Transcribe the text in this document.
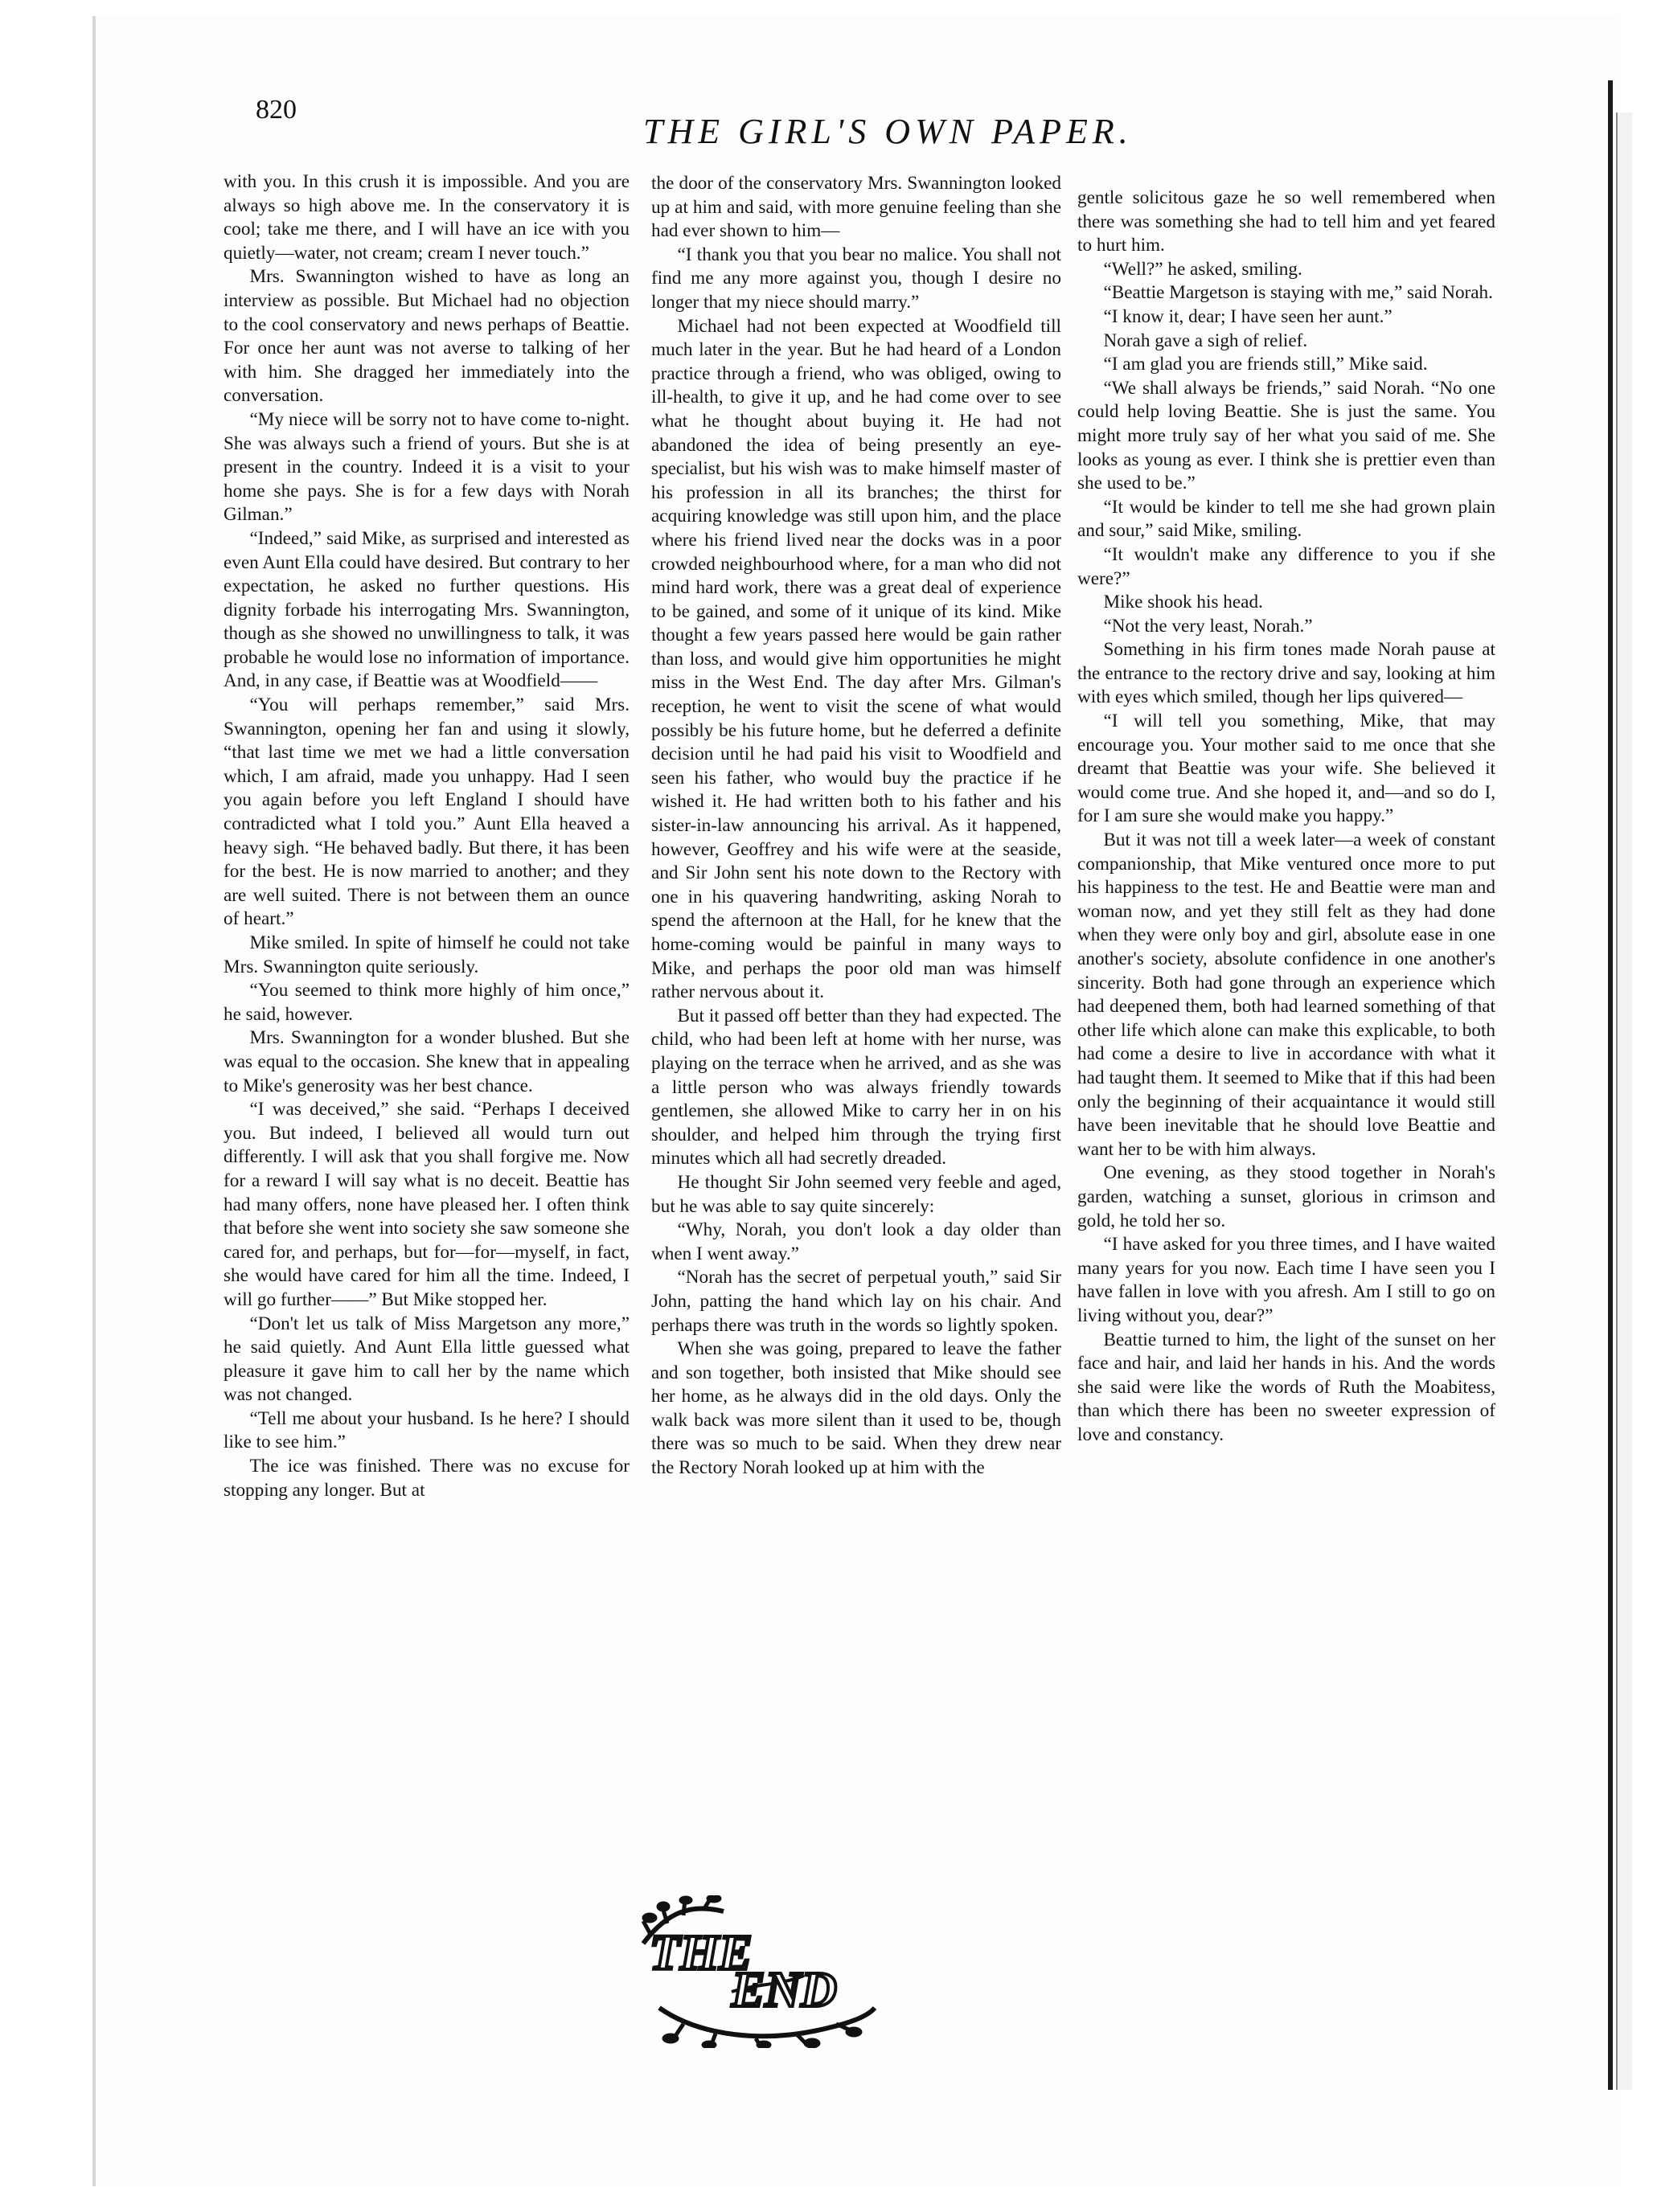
820
THE GIRL'S OWN PAPER.

with you. In this crush it is impossible. And you are always so high above me. In the conservatory it is cool; take me there, and I will have an ice with you quietly—water, not cream; cream I never touch.”

Mrs. Swannington wished to have as long an interview as possible. But Michael had no objection to the cool conservatory and news perhaps of Beattie. For once her aunt was not averse to talking of her with him. She dragged her immediately into the conversation.

“My niece will be sorry not to have come to-night. She was always such a friend of yours. But she is at present in the country. Indeed it is a visit to your home she pays. She is for a few days with Norah Gilman.”

“Indeed,” said Mike, as surprised and interested as even Aunt Ella could have desired. But contrary to her expectation, he asked no further questions. His dignity forbade his interrogating Mrs. Swannington, though as she showed no unwillingness to talk, it was probable he would lose no information of importance. And, in any case, if Beattie was at Woodfield——

“You will perhaps remember,” said Mrs. Swannington, opening her fan and using it slowly, “that last time we met we had a little conversation which, I am afraid, made you unhappy. Had I seen you again before you left England I should have contradicted what I told you.” Aunt Ella heaved a heavy sigh. “He behaved badly. But there, it has been for the best. He is now married to another; and they are well suited. There is not between them an ounce of heart.”

Mike smiled. In spite of himself he could not take Mrs. Swannington quite seriously.

“You seemed to think more highly of him once,” he said, however.

Mrs. Swannington for a wonder blushed. But she was equal to the occasion. She knew that in appealing to Mike's generosity was her best chance.

“I was deceived,” she said. “Perhaps I deceived you. But indeed, I believed all would turn out differently. I will ask that you shall forgive me. Now for a reward I will say what is no deceit. Beattie has had many offers, none have pleased her. I often think that before she went into society she saw someone she cared for, and perhaps, but for—for—myself, in fact, she would have cared for him all the time. Indeed, I will go further——” But Mike stopped her.

“Don't let us talk of Miss Margetson any more,” he said quietly. And Aunt Ella little guessed what pleasure it gave him to call her by the name which was not changed.

“Tell me about your husband. Is he here? I should like to see him.”

The ice was finished. There was no excuse for stopping any longer. But at

the door of the conservatory Mrs. Swannington looked up at him and said, with more genuine feeling than she had ever shown to him—

“I thank you that you bear no malice. You shall not find me any more against you, though I desire no longer that my niece should marry.”

Michael had not been expected at Woodfield till much later in the year. But he had heard of a London practice through a friend, who was obliged, owing to ill-health, to give it up, and he had come over to see what he thought about buying it. He had not abandoned the idea of being presently an eye-specialist, but his wish was to make himself master of his profession in all its branches; the thirst for acquiring knowledge was still upon him, and the place where his friend lived near the docks was in a poor crowded neighbourhood where, for a man who did not mind hard work, there was a great deal of experience to be gained, and some of it unique of its kind. Mike thought a few years passed here would be gain rather than loss, and would give him opportunities he might miss in the West End. The day after Mrs. Gilman's reception, he went to visit the scene of what would possibly be his future home, but he deferred a definite decision until he had paid his visit to Woodfield and seen his father, who would buy the practice if he wished it. He had written both to his father and his sister-in-law announcing his arrival. As it happened, however, Geoffrey and his wife were at the seaside, and Sir John sent his note down to the Rectory with one in his quavering handwriting, asking Norah to spend the afternoon at the Hall, for he knew that the home-coming would be painful in many ways to Mike, and perhaps the poor old man was himself rather nervous about it.

But it passed off better than they had expected. The child, who had been left at home with her nurse, was playing on the terrace when he arrived, and as she was a little person who was always friendly towards gentlemen, she allowed Mike to carry her in on his shoulder, and helped him through the trying first minutes which all had secretly dreaded.

He thought Sir John seemed very feeble and aged, but he was able to say quite sincerely:

“Why, Norah, you don't look a day older than when I went away.”

“Norah has the secret of perpetual youth,” said Sir John, patting the hand which lay on his chair. And perhaps there was truth in the words so lightly spoken.

When she was going, prepared to leave the father and son together, both insisted that Mike should see her home, as he always did in the old days. Only the walk back was more silent than it used to be, though there was so much to be said. When they drew near the Rectory Norah looked up at him with the

gentle solicitous gaze he so well remembered when there was something she had to tell him and yet feared to hurt him.

“Well?” he asked, smiling.

“Beattie Margetson is staying with me,” said Norah.

“I know it, dear; I have seen her aunt.”

Norah gave a sigh of relief.

“I am glad you are friends still,” Mike said.

“We shall always be friends,” said Norah. “No one could help loving Beattie. She is just the same. You might more truly say of her what you said of me. She looks as young as ever. I think she is prettier even than she used to be.”

“It would be kinder to tell me she had grown plain and sour,” said Mike, smiling.

“It wouldn't make any difference to you if she were?”

Mike shook his head.

“Not the very least, Norah.”

Something in his firm tones made Norah pause at the entrance to the rectory drive and say, looking at him with eyes which smiled, though her lips quivered—

“I will tell you something, Mike, that may encourage you. Your mother said to me once that she dreamt that Beattie was your wife. She believed it would come true. And she hoped it, and—and so do I, for I am sure she would make you happy.”

But it was not till a week later—a week of constant companionship, that Mike ventured once more to put his happiness to the test. He and Beattie were man and woman now, and yet they still felt as they had done when they were only boy and girl, absolute ease in one another's society, absolute confidence in one another's sincerity. Both had gone through an experience which had deepened them, both had learned something of that other life which alone can make this explicable, to both had come a desire to live in accordance with what it had taught them. It seemed to Mike that if this had been only the beginning of their acquaintance it would still have been inevitable that he should love Beattie and want her to be with him always.

One evening, as they stood together in Norah's garden, watching a sunset, glorious in crimson and gold, he told her so.

“I have asked for you three times, and I have waited many years for you now. Each time I have seen you I have fallen in love with you afresh. Am I still to go on living without you, dear?”

Beattie turned to him, the light of the sunset on her face and hair, and laid her hands in his. And the words she said were like the words of Ruth the Moabitess, than which there has been no sweeter expression of love and constancy.

THE
END
